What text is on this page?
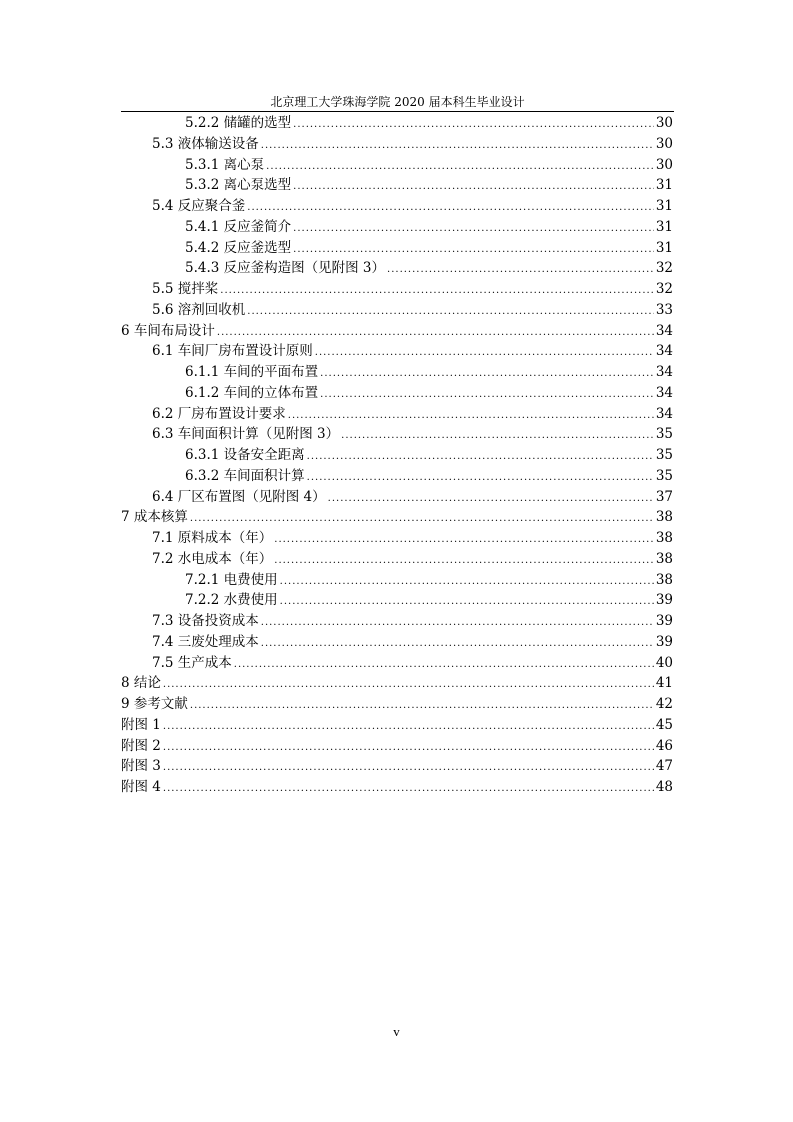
北京理工大学珠海学院 2020 届本科生毕业设计
5.2.2 储罐的选型 .....	30
5.3 液体输送设备 .....	30
5.3.1 离心泵 .....	30
5.3.2 离心泵选型 .....	31
5.4 反应聚合釜 .....	31
5.4.1 反应釜简介 .....	31
5.4.2 反应釜选型 .....	31
5.4.3 反应釜构造图（见附图 3） .....	32
5.5 搅拌桨 .....	32
5.6 溶剂回收机 .....	33
6 车间布局设计 .....	34
6.1 车间厂房布置设计原则 .....	34
6.1.1 车间的平面布置 .....	34
6.1.2 车间的立体布置 .....	34
6.2 厂房布置设计要求 .....	34
6.3 车间面积计算（见附图 3） .....	35
6.3.1 设备安全距离 .....	35
6.3.2 车间面积计算 .....	35
6.4 厂区布置图（见附图 4） .....	37
7 成本核算 .....	38
7.1 原料成本（年） .....	38
7.2 水电成本（年） .....	38
7.2.1 电费使用 .....	38
7.2.2 水费使用 .....	39
7.3 设备投资成本 .....	39
7.4 三废处理成本 .....	39
7.5 生产成本 .....	40
8 结论 .....	41
9 参考文献 .....	42
附图 1 .....	45
附图 2 .....	46
附图 3 .....	47
附图 4 .....	48
v
